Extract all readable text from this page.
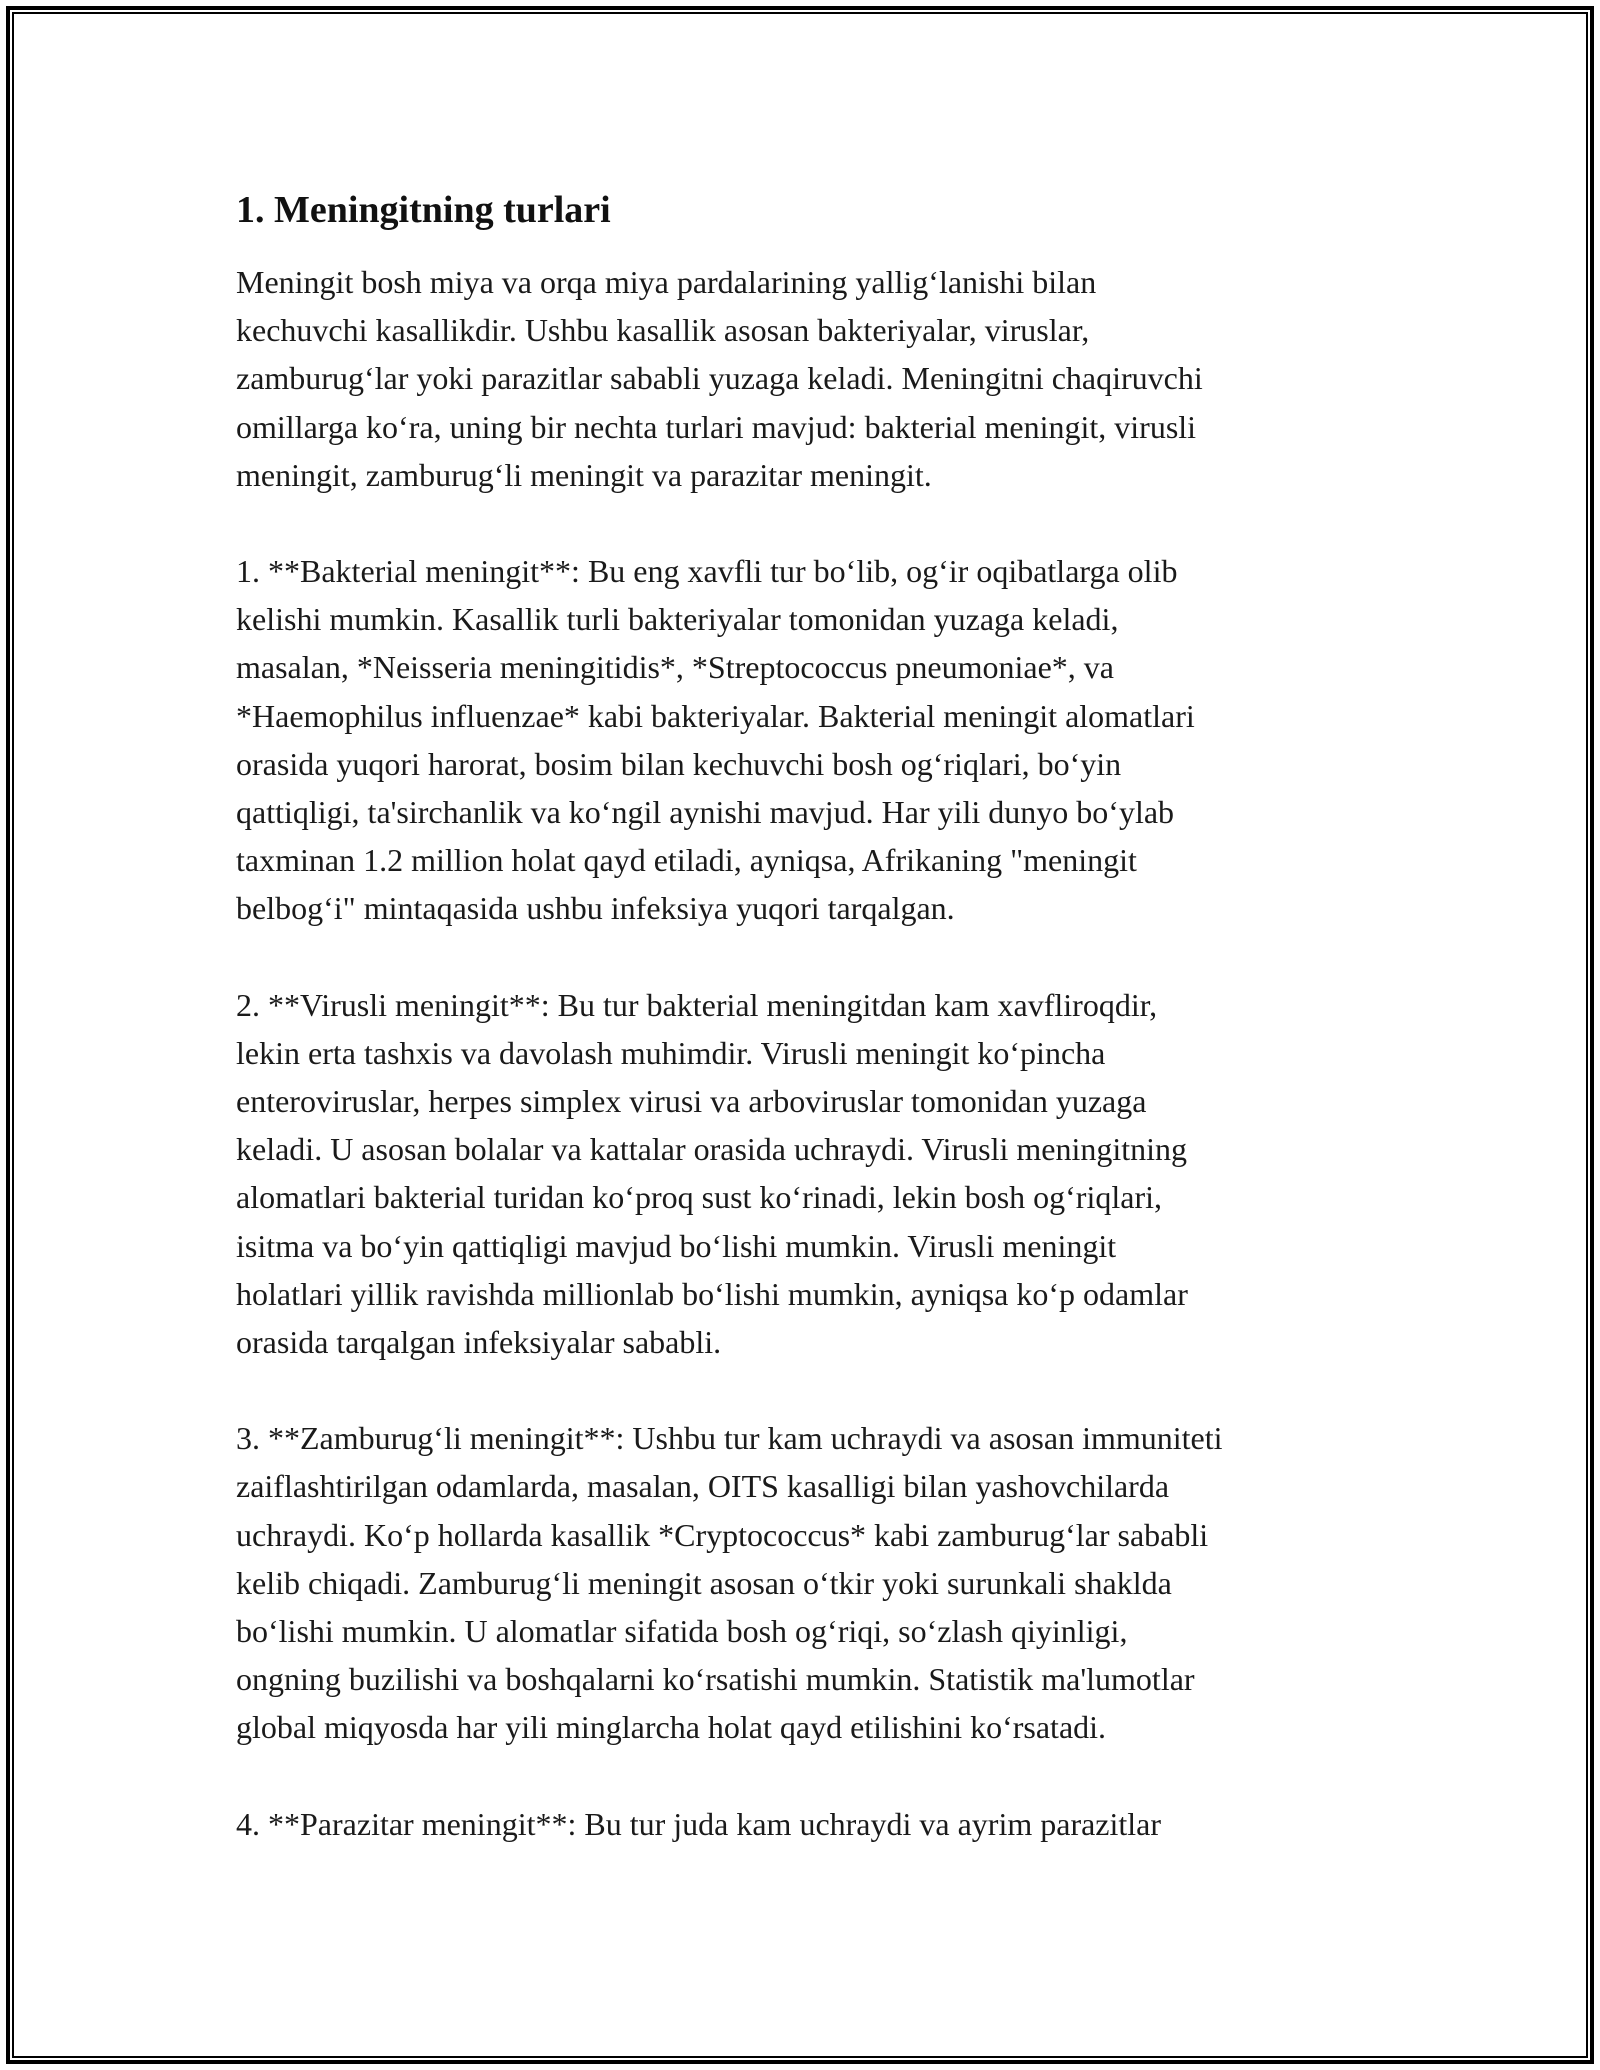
1. Meningitning turlari

Meningit bosh miya va orqa miya pardalarining yallig‘lanishi bilan
kechuvchi kasallikdir. Ushbu kasallik asosan bakteriyalar, viruslar,
zamburug‘lar yoki parazitlar sababli yuzaga keladi. Meningitni chaqiruvchi
omillarga ko‘ra, uning bir nechta turlari mavjud: bakterial meningit, virusli
meningit, zamburug‘li meningit va parazitar meningit.

1. **Bakterial meningit**: Bu eng xavfli tur bo‘lib, og‘ir oqibatlarga olib
kelishi mumkin. Kasallik turli bakteriyalar tomonidan yuzaga keladi,
masalan, *Neisseria meningitidis*, *Streptococcus pneumoniae*, va
*Haemophilus influenzae* kabi bakteriyalar. Bakterial meningit alomatlari
orasida yuqori harorat, bosim bilan kechuvchi bosh og‘riqlari, bo‘yin
qattiqligi, ta'sirchanlik va ko‘ngil aynishi mavjud. Har yili dunyo bo‘ylab
taxminan 1.2 million holat qayd etiladi, ayniqsa, Afrikaning "meningit
belbog‘i" mintaqasida ushbu infeksiya yuqori tarqalgan.

2. **Virusli meningit**: Bu tur bakterial meningitdan kam xavfliroqdir,
lekin erta tashxis va davolash muhimdir. Virusli meningit ko‘pincha
enteroviruslar, herpes simplex virusi va arboviruslar tomonidan yuzaga
keladi. U asosan bolalar va kattalar orasida uchraydi. Virusli meningitning
alomatlari bakterial turidan ko‘proq sust ko‘rinadi, lekin bosh og‘riqlari,
isitma va bo‘yin qattiqligi mavjud bo‘lishi mumkin. Virusli meningit
holatlari yillik ravishda millionlab bo‘lishi mumkin, ayniqsa ko‘p odamlar
orasida tarqalgan infeksiyalar sababli.

3. **Zamburug‘li meningit**: Ushbu tur kam uchraydi va asosan immuniteti
zaiflashtirilgan odamlarda, masalan, OITS kasalligi bilan yashovchilarda
uchraydi. Ko‘p hollarda kasallik *Cryptococcus* kabi zamburug‘lar sababli
kelib chiqadi. Zamburug‘li meningit asosan o‘tkir yoki surunkali shaklda
bo‘lishi mumkin. U alomatlar sifatida bosh og‘riqi, so‘zlash qiyinligi,
ongning buzilishi va boshqalarni ko‘rsatishi mumkin. Statistik ma'lumotlar
global miqyosda har yili minglarcha holat qayd etilishini ko‘rsatadi.

4. **Parazitar meningit**: Bu tur juda kam uchraydi va ayrim parazitlar
